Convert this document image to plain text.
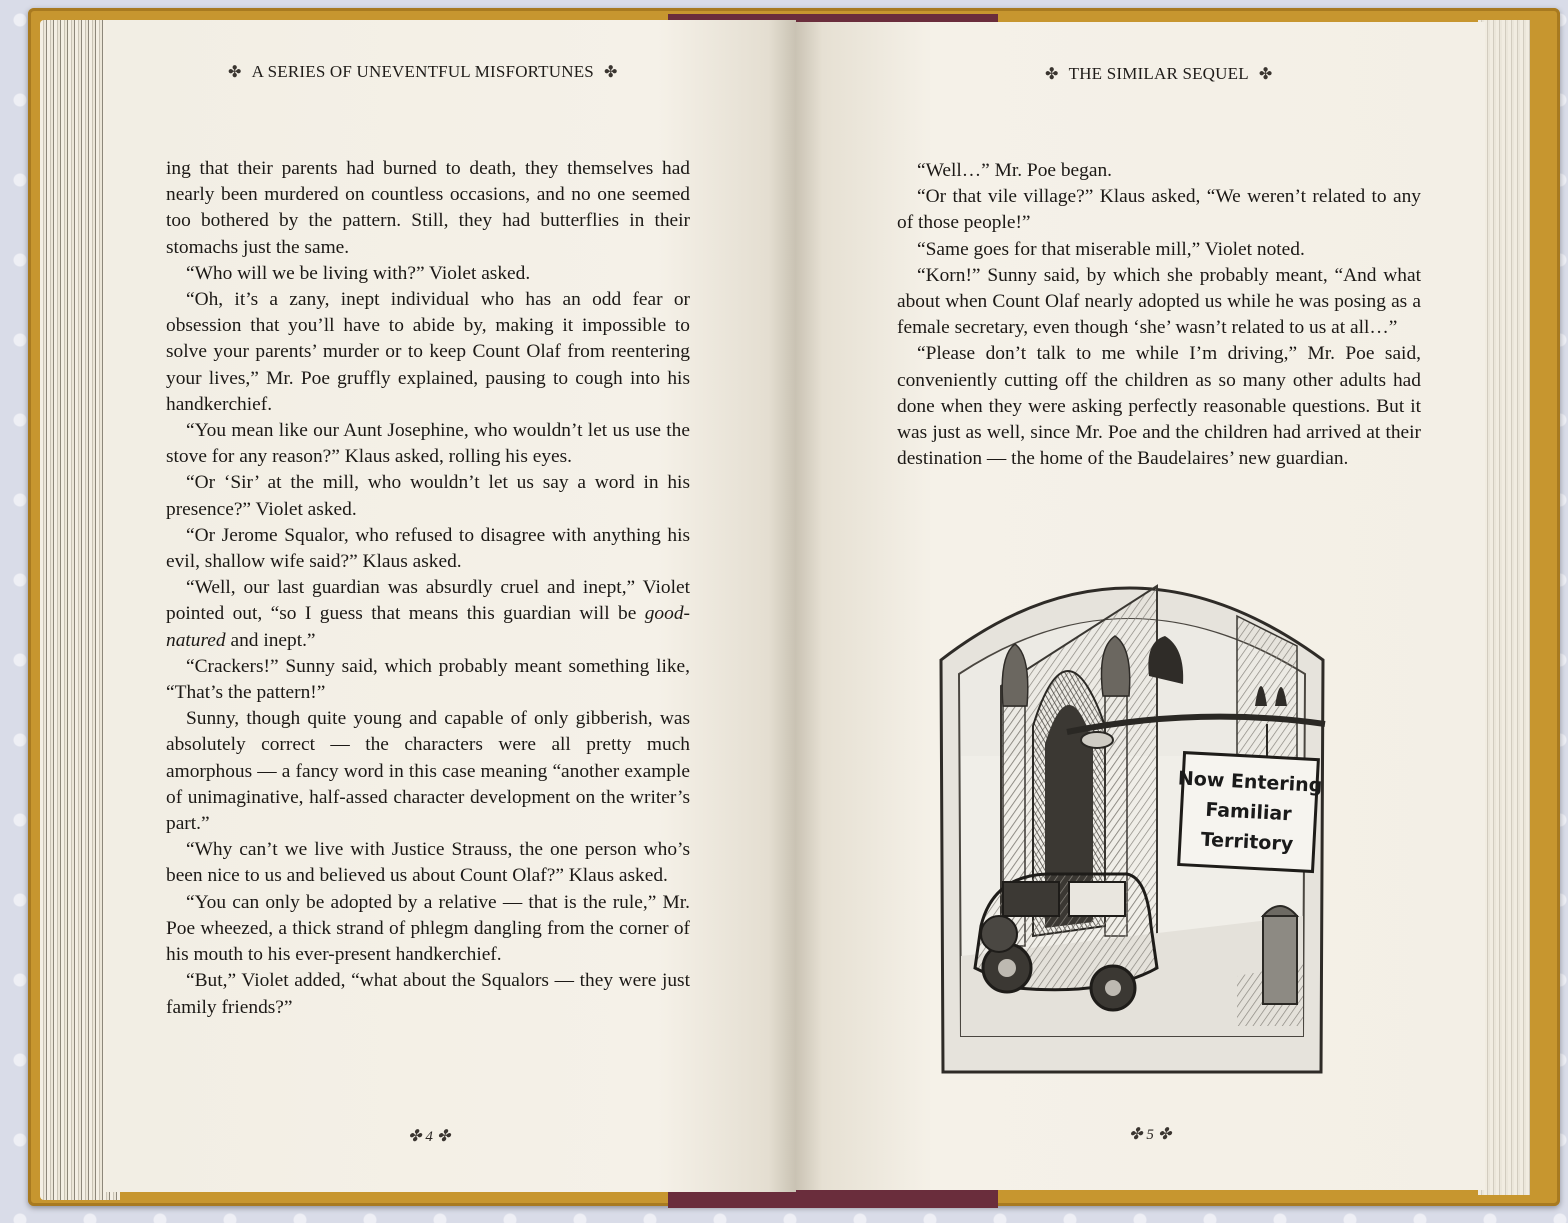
✤ A SERIES OF UNEVENTFUL MISFORTUNES ✤

ing that their parents had burned to death, they themselves had nearly been murdered on countless occasions, and no one seemed too bothered by the pattern. Still, they had butterflies in their stomachs just the same.

“Who will we be living with?” Violet asked.

“Oh, it’s a zany, inept individual who has an odd fear or obsession that you’ll have to abide by, making it impossible to solve your parents’ murder or to keep Count Olaf from reentering your lives,” Mr. Poe gruffly explained, pausing to cough into his handkerchief.

“You mean like our Aunt Josephine, who wouldn’t let us use the stove for any reason?” Klaus asked, rolling his eyes.

“Or ‘Sir’ at the mill, who wouldn’t let us say a word in his presence?” Violet asked.

“Or Jerome Squalor, who refused to disagree with anything his evil, shallow wife said?” Klaus asked.

“Well, our last guardian was absurdly cruel and inept,” Violet pointed out, “so I guess that means this guardian will be good-natured and inept.”

“Crackers!” Sunny said, which probably meant something like, “That’s the pattern!”

Sunny, though quite young and capable of only gibberish, was absolutely correct — the characters were all pretty much amorphous — a fancy word in this case meaning “another example of unimaginative, half-assed character development on the writer’s part.”

“Why can’t we live with Justice Strauss, the one person who’s been nice to us and believed us about Count Olaf?” Klaus asked.

“You can only be adopted by a relative — that is the rule,” Mr. Poe wheezed, a thick strand of phlegm dangling from the corner of his mouth to his ever-present handkerchief.

“But,” Violet added, “what about the Squalors — they were just family friends?”

✤ 4 ✤
✤ THE SIMILAR SEQUEL ✤

“Well…” Mr. Poe began.

“Or that vile village?” Klaus asked, “We weren’t related to any of those people!”

“Same goes for that miserable mill,” Violet noted.

“Korn!” Sunny said, by which she probably meant, “And what about when Count Olaf nearly adopted us while he was posing as a female secretary, even though ‘she’ wasn’t related to us at all…”

“Please don’t talk to me while I’m driving,” Mr. Poe said, conveniently cutting off the children as so many other adults had done when they were asking perfectly reasonable questions. But it was just as well, since Mr. Poe and the children had arrived at their destination — the home of the Baudelaires’ new guardian.

Now Entering
Familiar
Territory
✤ 5 ✤
